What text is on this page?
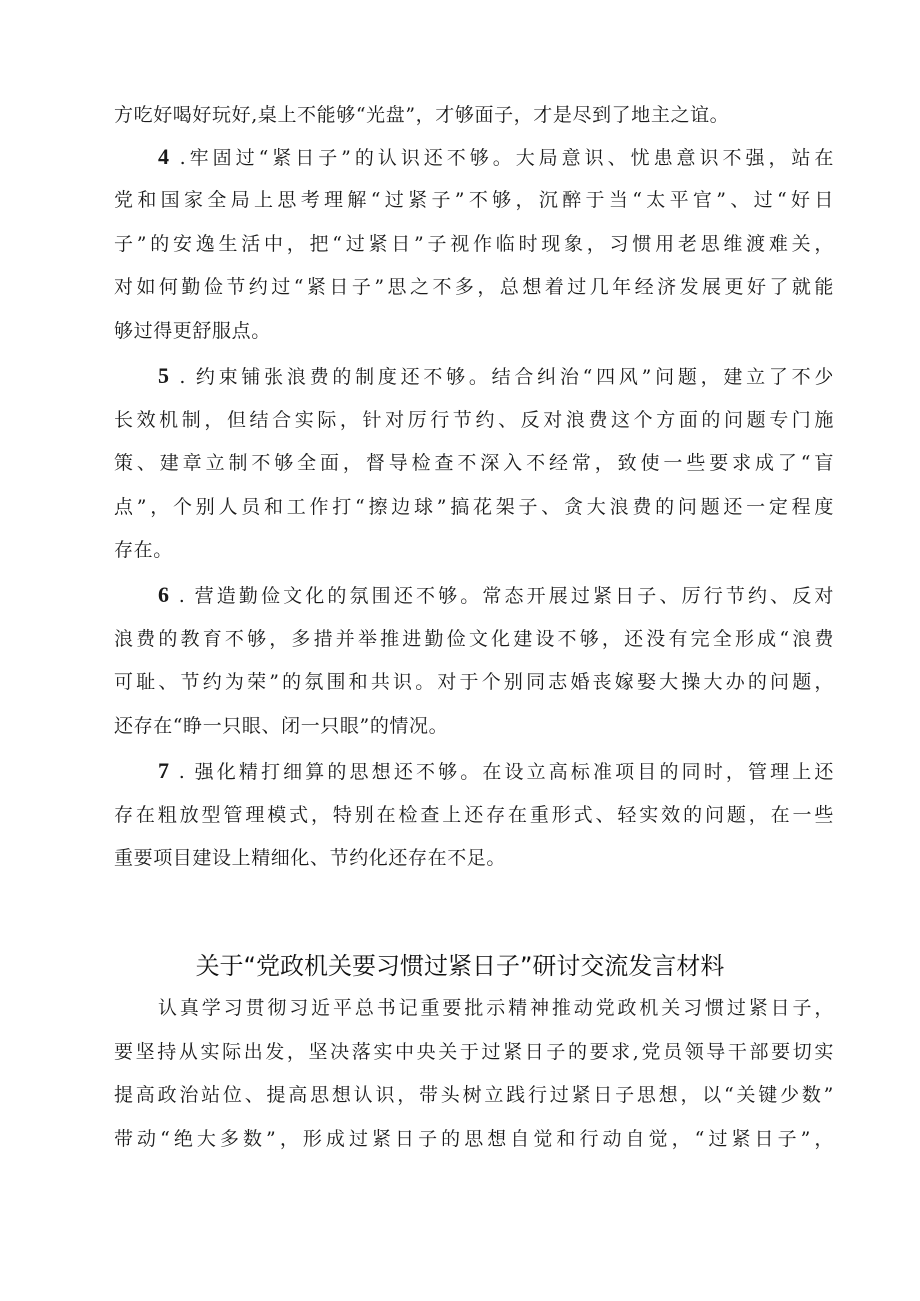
方吃好喝好玩好,桌上不能够“光盘”，才够面子，才是尽到了地主之谊。
4 .牢固过“紧日子”的认识还不够。大局意识、忧患意识不强，站在
党和国家全局上思考理解“过紧子”不够，沉醉于当“太平官”、过“好日
子”的安逸生活中，把“过紧日”子视作临时现象，习惯用老思维渡难关，
对如何勤俭节约过“紧日子”思之不多，总想着过几年经济发展更好了就能
够过得更舒服点。
5 . 约束铺张浪费的制度还不够。结合纠治“四风”问题，建立了不少
长效机制，但结合实际，针对厉行节约、反对浪费这个方面的问题专门施
策、建章立制不够全面，督导检查不深入不经常，致使一些要求成了“盲
点”，个别人员和工作打“擦边球”搞花架子、贪大浪费的问题还一定程度
存在。
6 . 营造勤俭文化的氛围还不够。常态开展过紧日子、厉行节约、反对
浪费的教育不够，多措并举推进勤俭文化建设不够，还没有完全形成“浪费
可耻、节约为荣”的氛围和共识。对于个别同志婚丧嫁娶大操大办的问题，
还存在“睁一只眼、闭一只眼”的情况。
7 . 强化精打细算的思想还不够。在设立高标准项目的同时，管理上还
存在粗放型管理模式，特别在检查上还存在重形式、轻实效的问题，在一些
重要项目建设上精细化、节约化还存在不足。
关于“党政机关要习惯过紧日子”研讨交流发言材料
认真学习贯彻习近平总书记重要批示精神推动党政机关习惯过紧日子，
要坚持从实际出发，坚决落实中央关于过紧日子的要求,党员领导干部要切实
提高政治站位、提高思想认识，带头树立践行过紧日子思想，以“关键少数”
带动“绝大多数”，形成过紧日子的思想自觉和行动自觉，“过紧日子”，
